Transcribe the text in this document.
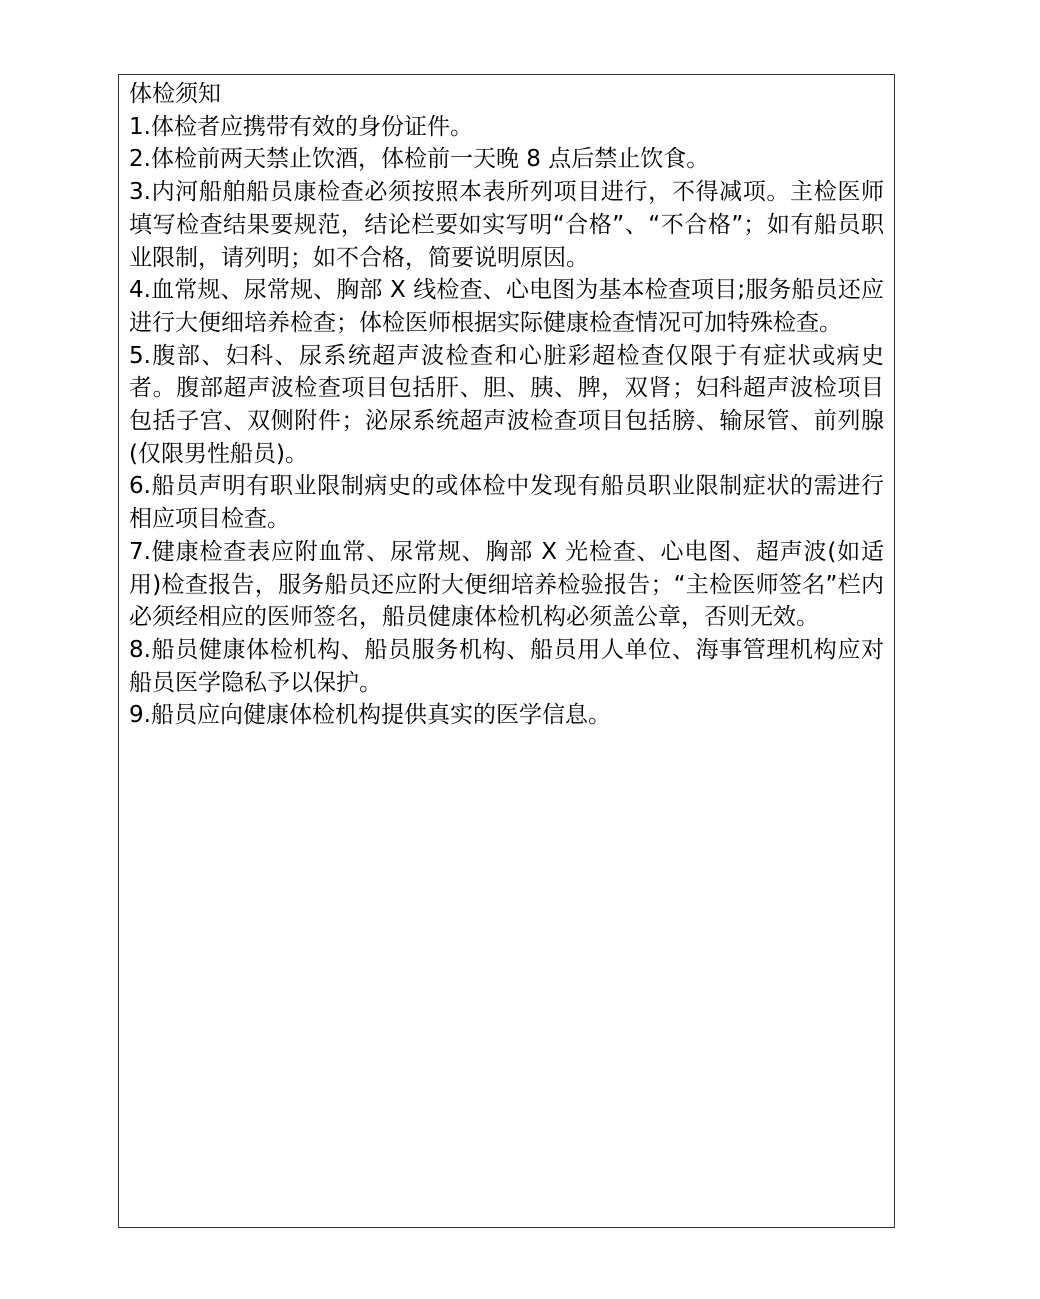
体检须知

1.体检者应携带有效的身份证件。

2.体检前两天禁止饮酒，体检前一天晚 8 点后禁止饮食。

3.内河船舶船员康检查必须按照本表所列项目进行，不得减项。主检医师填写检查结果要规范，结论栏要如实写明“合格”、“不合格”；如有船员职业限制，请列明；如不合格，简要说明原因。

4.血常规、尿常规、胸部 X 线检查、心电图为基本检查项目;服务船员还应进行大便细培养检查；体检医师根据实际健康检查情况可加特殊检查。

5.腹部、妇科、尿系统超声波检查和心脏彩超检查仅限于有症状或病史者。腹部超声波检查项目包括肝、胆、胰、脾，双肾；妇科超声波检项目包括子宫、双侧附件；泌尿系统超声波检查项目包括膀、输尿管、前列腺(仅限男性船员)。

6.船员声明有职业限制病史的或体检中发现有船员职业限制症状的需进行相应项目检查。

7.健康检查表应附血常、尿常规、胸部 X 光检查、心电图、超声波(如适用)检查报告，服务船员还应附大便细培养检验报告；“主检医师签名”栏内必须经相应的医师签名，船员健康体检机构必须盖公章，否则无效。

8.船员健康体检机构、船员服务机构、船员用人单位、海事管理机构应对船员医学隐私予以保护。

9.船员应向健康体检机构提供真实的医学信息。
